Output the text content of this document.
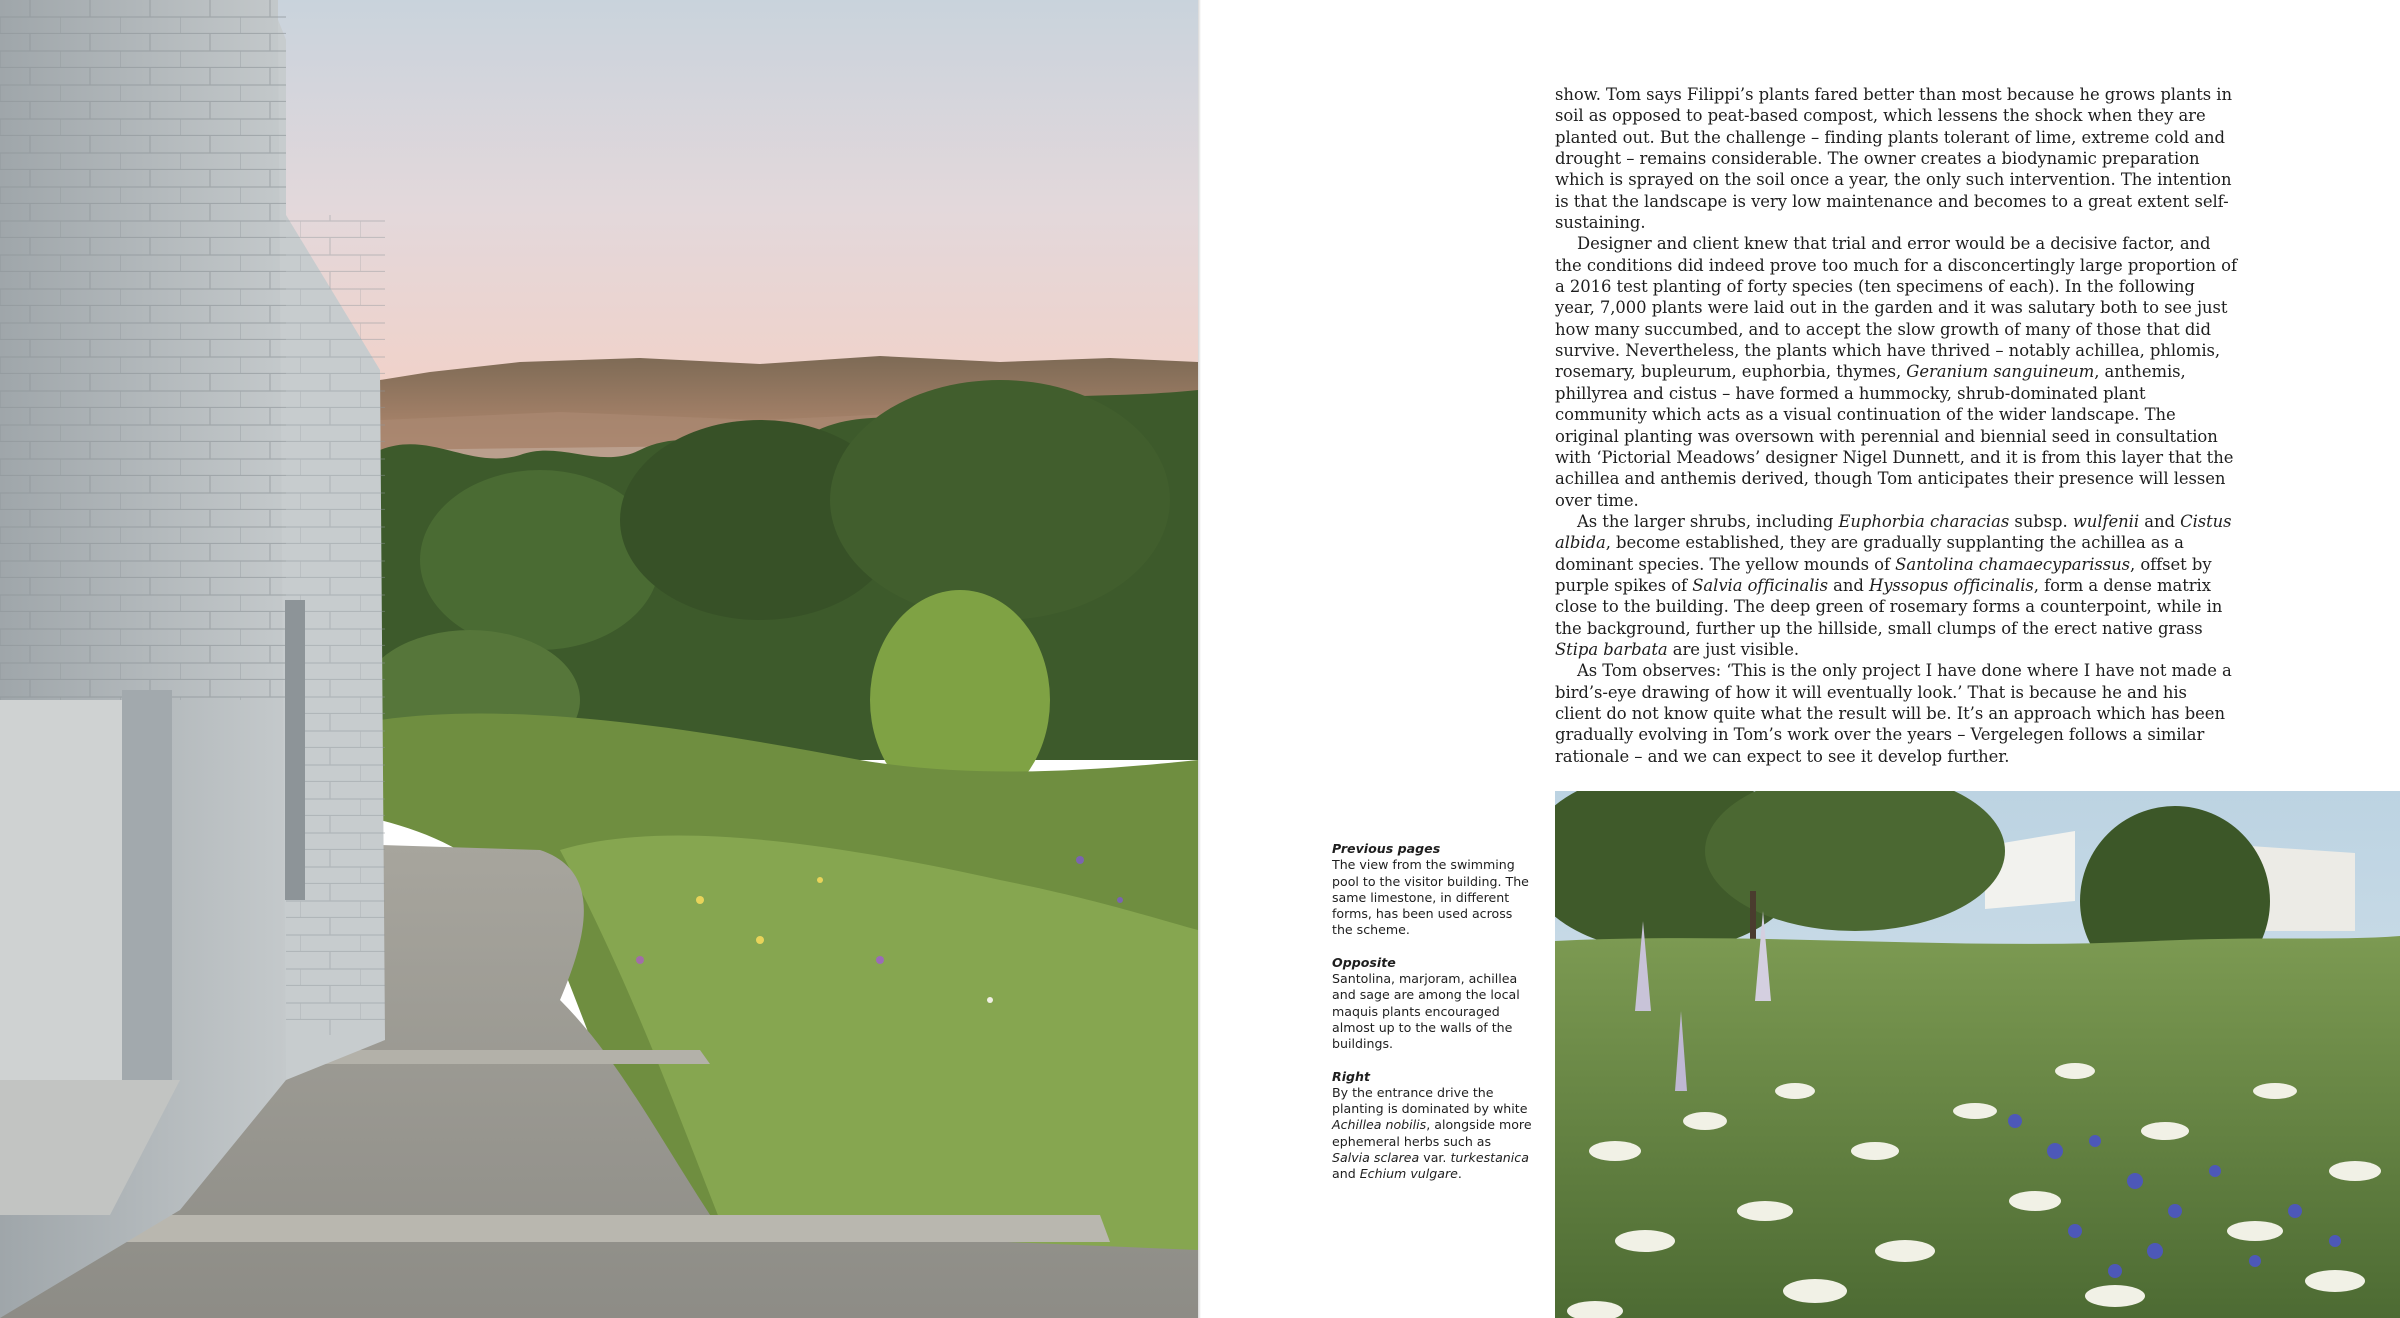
show. Tom says Filippi’s plants fared better than most because he grows plants in soil as opposed to peat-based compost, which lessens the shock when they are planted out. But the challenge – finding plants tolerant of lime, extreme cold and drought – remains considerable. The owner creates a biodynamic preparation which is sprayed on the soil once a year, the only such intervention. The intention is that the landscape is very low maintenance and becomes to a great extent self-sustaining.

Designer and client knew that trial and error would be a decisive factor, and the conditions did indeed prove too much for a disconcertingly large proportion of a 2016 test planting of forty species (ten specimens of each). In the following year, 7,000 plants were laid out in the garden and it was salutary both to see just how many succumbed, and to accept the slow growth of many of those that did survive. Nevertheless, the plants which have thrived – notably achillea, phlomis, rosemary, bupleurum, euphorbia, thymes, Geranium sanguineum, anthemis, phillyrea and cistus – have formed a hummocky, shrub-dominated plant community which acts as a visual continuation of the wider landscape. The original planting was oversown with perennial and biennial seed in consultation with ‘Pictorial Meadows’ designer Nigel Dunnett, and it is from this layer that the achillea and anthemis derived, though Tom anticipates their presence will lessen over time.

As the larger shrubs, including Euphorbia characias subsp. wulfenii and Cistus albida, become established, they are gradually supplanting the achillea as a dominant species. The yellow mounds of Santolina chamaecyparissus, offset by purple spikes of Salvia officinalis and Hyssopus officinalis, form a dense matrix close to the building. The deep green of rosemary forms a counterpoint, while in the background, further up the hillside, small clumps of the erect native grass Stipa barbata are just visible.

As Tom observes: ‘This is the only project I have done where I have not made a bird’s-eye drawing of how it will eventually look.’ That is because he and his client do not know quite what the result will be. It’s an approach which has been gradually evolving in Tom’s work over the years – Vergelegen follows a similar rationale – and we can expect to see it develop further.

Previous pages
The view from the swimming pool to the visitor building. The same limestone, in different forms, has been used across the scheme.
Opposite
Santolina, marjoram, achillea and sage are among the local maquis plants encouraged almost up to the walls of the buildings.
Right
By the entrance drive the planting is dominated by white Achillea nobilis, alongside more ephemeral herbs such as Salvia sclarea var. turkestanica and Echium vulgare.
